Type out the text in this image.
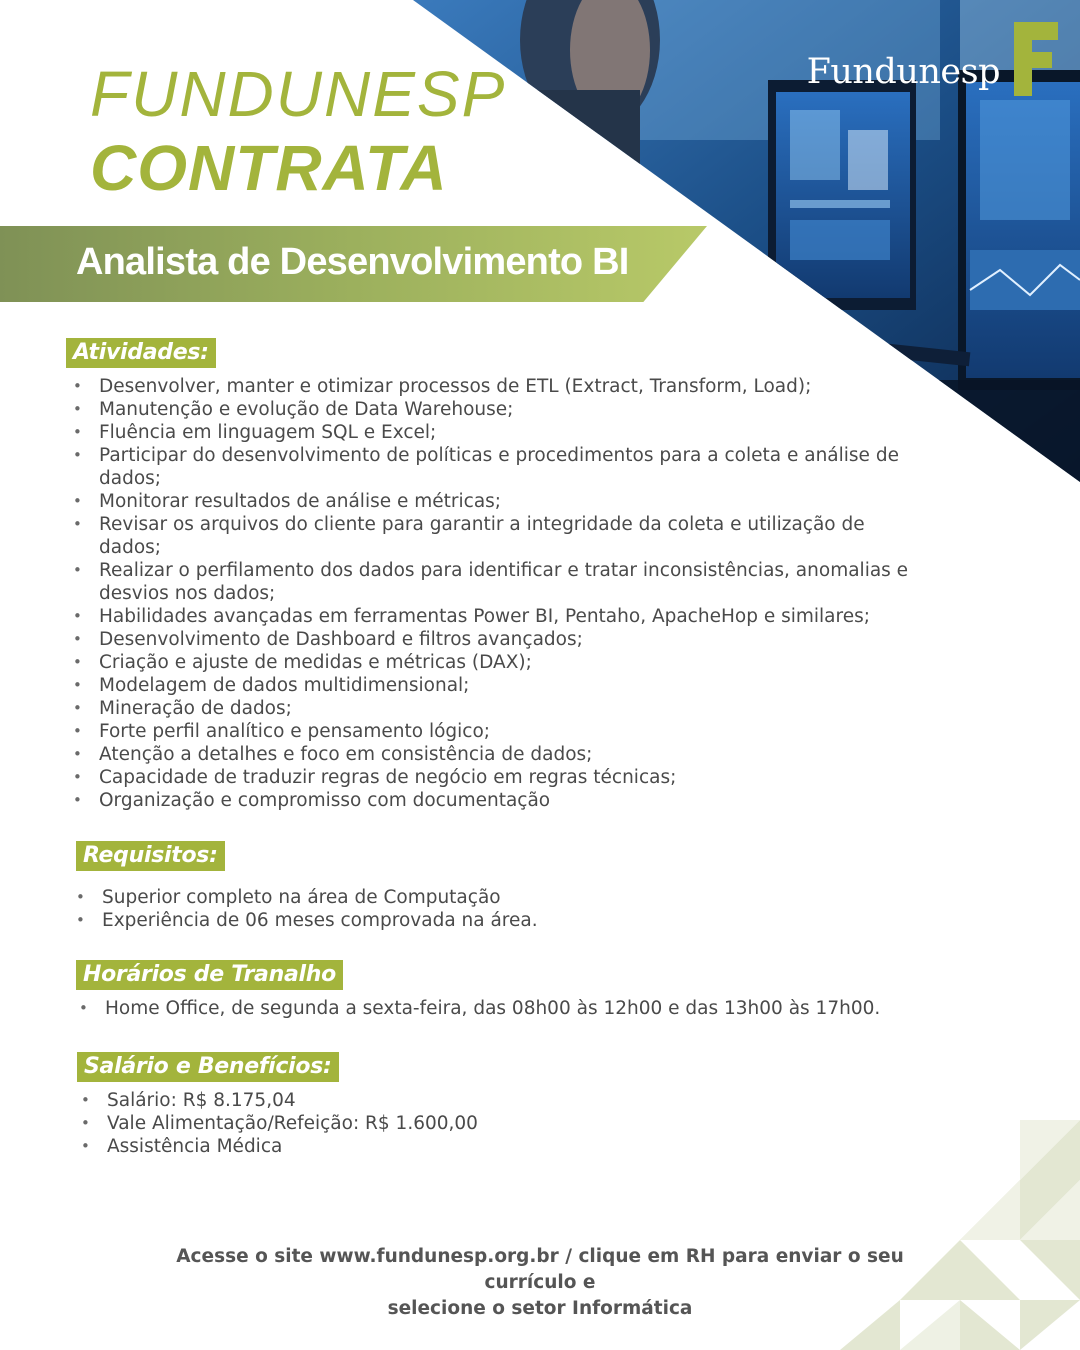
Fundunesp
FUNDUNESP
CONTRATA
Analista de Desenvolvimento BI
Atividades:
• Desenvolver, manter e otimizar processos de ETL (Extract, Transform, Load);
• Manutenção e evolução de Data Warehouse;
• Fluência em linguagem SQL e Excel;
• Participar do desenvolvimento de políticas e procedimentos para a coleta e análise de dados;
• Monitorar resultados de análise e métricas;
• Revisar os arquivos do cliente para garantir a integridade da coleta e utilização de dados;
• Realizar o perfilamento dos dados para identificar e tratar inconsistências, anomalias e desvios nos dados;
• Habilidades avançadas em ferramentas Power BI, Pentaho, ApacheHop e similares;
• Desenvolvimento de Dashboard e filtros avançados;
• Criação e ajuste de medidas e métricas (DAX);
• Modelagem de dados multidimensional;
• Mineração de dados;
• Forte perfil analítico e pensamento lógico;
• Atenção a detalhes e foco em consistência de dados;
• Capacidade de traduzir regras de negócio em regras técnicas;
• Organização e compromisso com documentação
Requisitos:
• Superior completo na área de Computação
• Experiência de 06 meses comprovada na área.
Horários de Tranalho
• Home Office, de segunda a sexta-feira, das 08h00 às 12h00 e das 13h00 às 17h00.
Salário e Benefícios:
• Salário: R$ 8.175,04
• Vale Alimentação/Refeição: R$ 1.600,00
• Assistência Médica
Acesse o site www.fundunesp.org.br / clique em RH para enviar o seu currículo e
selecione o setor Informática
